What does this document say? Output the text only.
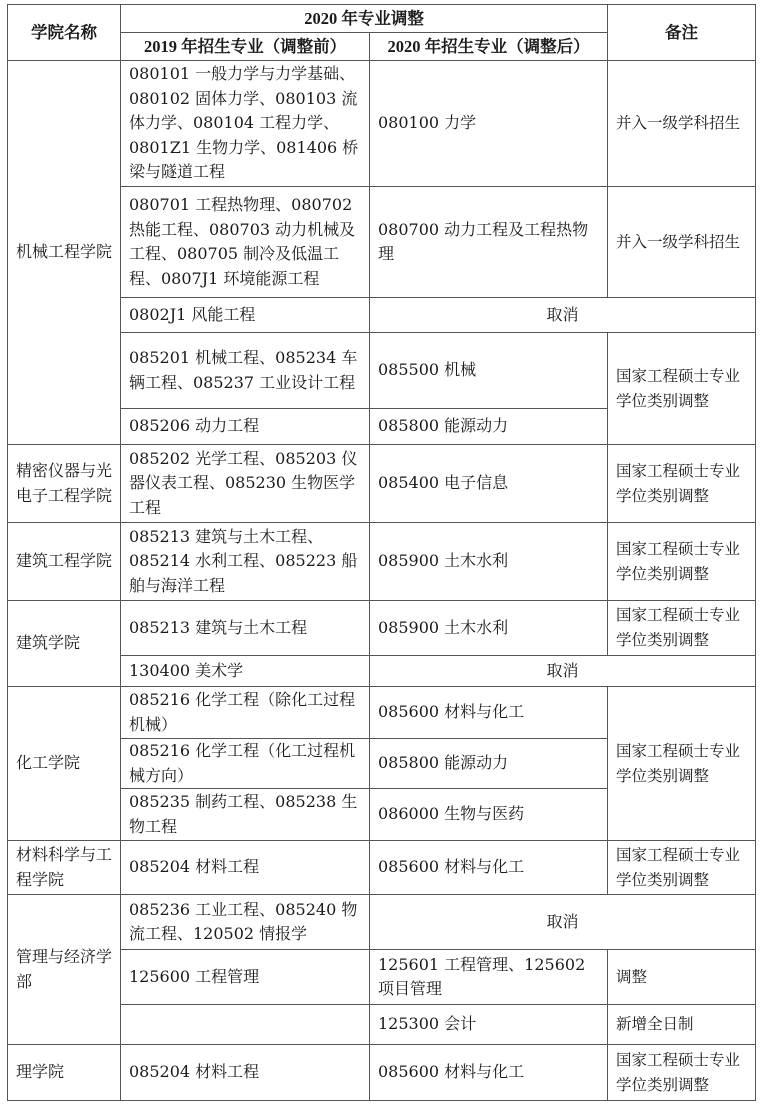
学院名称	2020 年专业调整		备注
	2019 年招生专业（调整前）	2020 年招生专业（调整后）	
机械工程学院	080101 一般力学与力学基础、080102 固体力学、080103 流体力学、080104 工程力学、0801Z1 生物力学、081406 桥梁与隧道工程	080100 力学	并入一级学科招生
	080701 工程热物理、080702 热能工程、080703 动力机械及工程、080705 制冷及低温工程、0807J1 环境能源工程	080700 动力工程及工程热物理	并入一级学科招生
	0802J1 风能工程	取消	
	085201 机械工程、085234 车辆工程、085237 工业设计工程	085500 机械	国家工程硕士专业学位类别调整
	085206 动力工程	085800 能源动力	
精密仪器与光电子工程学院	085202 光学工程、085203 仪器仪表工程、085230 生物医学工程	085400 电子信息	国家工程硕士专业学位类别调整
建筑工程学院	085213 建筑与土木工程、085214 水利工程、085223 船舶与海洋工程	085900 土木水利	国家工程硕士专业学位类别调整
建筑学院	085213 建筑与土木工程	085900 土木水利	国家工程硕士专业学位类别调整
	130400 美术学	取消	
化工学院	085216 化学工程（除化工过程机械）	085600 材料与化工	国家工程硕士专业学位类别调整
	085216 化学工程（化工过程机械方向）	085800 能源动力	
	085235 制药工程、085238 生物工程	086000 生物与医药	
材料科学与工程学院	085204 材料工程	085600 材料与化工	国家工程硕士专业学位类别调整
管理与经济学部	085236 工业工程、085240 物流工程、120502 情报学	取消	
	125600 工程管理	125601 工程管理、125602 项目管理	调整
		125300 会计	新增全日制
理学院	085204 材料工程	085600 材料与化工	国家工程硕士专业学位类别调整
